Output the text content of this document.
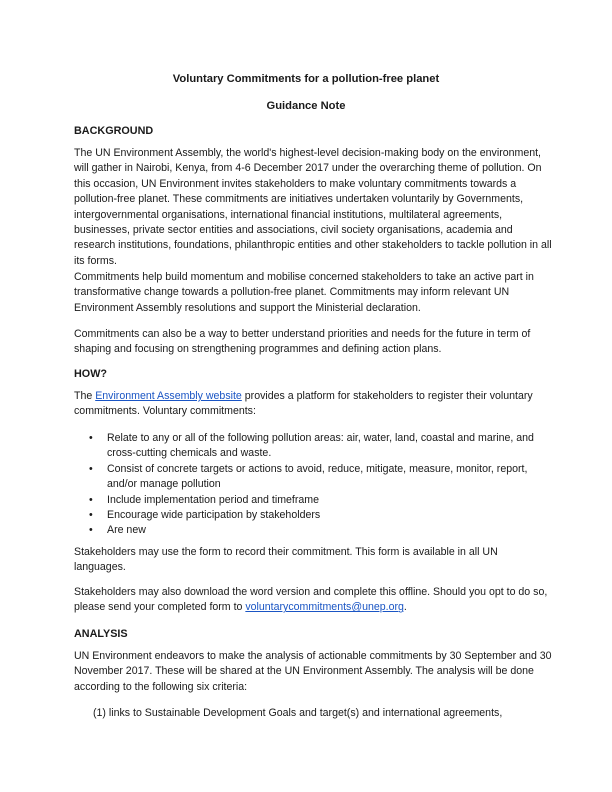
Voluntary Commitments for a pollution-free planet
Guidance Note
BACKGROUND

The UN Environment Assembly, the world's highest-level decision-making body on the environment, will gather in Nairobi, Kenya, from 4-6 December 2017 under the overarching theme of pollution. On this occasion, UN Environment invites stakeholders to make voluntary commitments towards a pollution-free planet. These commitments are initiatives undertaken voluntarily by Governments, intergovernmental organisations, international financial institutions, multilateral agreements, businesses, private sector entities and associations, civil society organisations, academia and research institutions, foundations, philanthropic entities and other stakeholders to tackle pollution in all its forms.

Commitments help build momentum and mobilise concerned stakeholders to take an active part in transformative change towards a pollution-free planet. Commitments may inform relevant UN Environment Assembly resolutions and support the Ministerial declaration.

Commitments can also be a way to better understand priorities and needs for the future in term of shaping and focusing on strengthening programmes and defining action plans.

HOW?

The Environment Assembly website provides a platform for stakeholders to register their voluntary commitments. Voluntary commitments:

• Relate to any or all of the following pollution areas: air, water, land, coastal and marine, and cross-cutting chemicals and waste.
• Consist of concrete targets or actions to avoid, reduce, mitigate, measure, monitor, report, and/or manage pollution
• Include implementation period and timeframe
• Encourage wide participation by stakeholders
• Are new

Stakeholders may use the form to record their commitment. This form is available in all UN languages.

Stakeholders may also download the word version and complete this offline. Should you opt to do so, please send your completed form to voluntarycommitments@unep.org.

ANALYSIS

UN Environment endeavors to make the analysis of actionable commitments by 30 September and 30 November 2017. These will be shared at the UN Environment Assembly. The analysis will be done according to the following six criteria:

(1) links to Sustainable Development Goals and target(s) and international agreements,
